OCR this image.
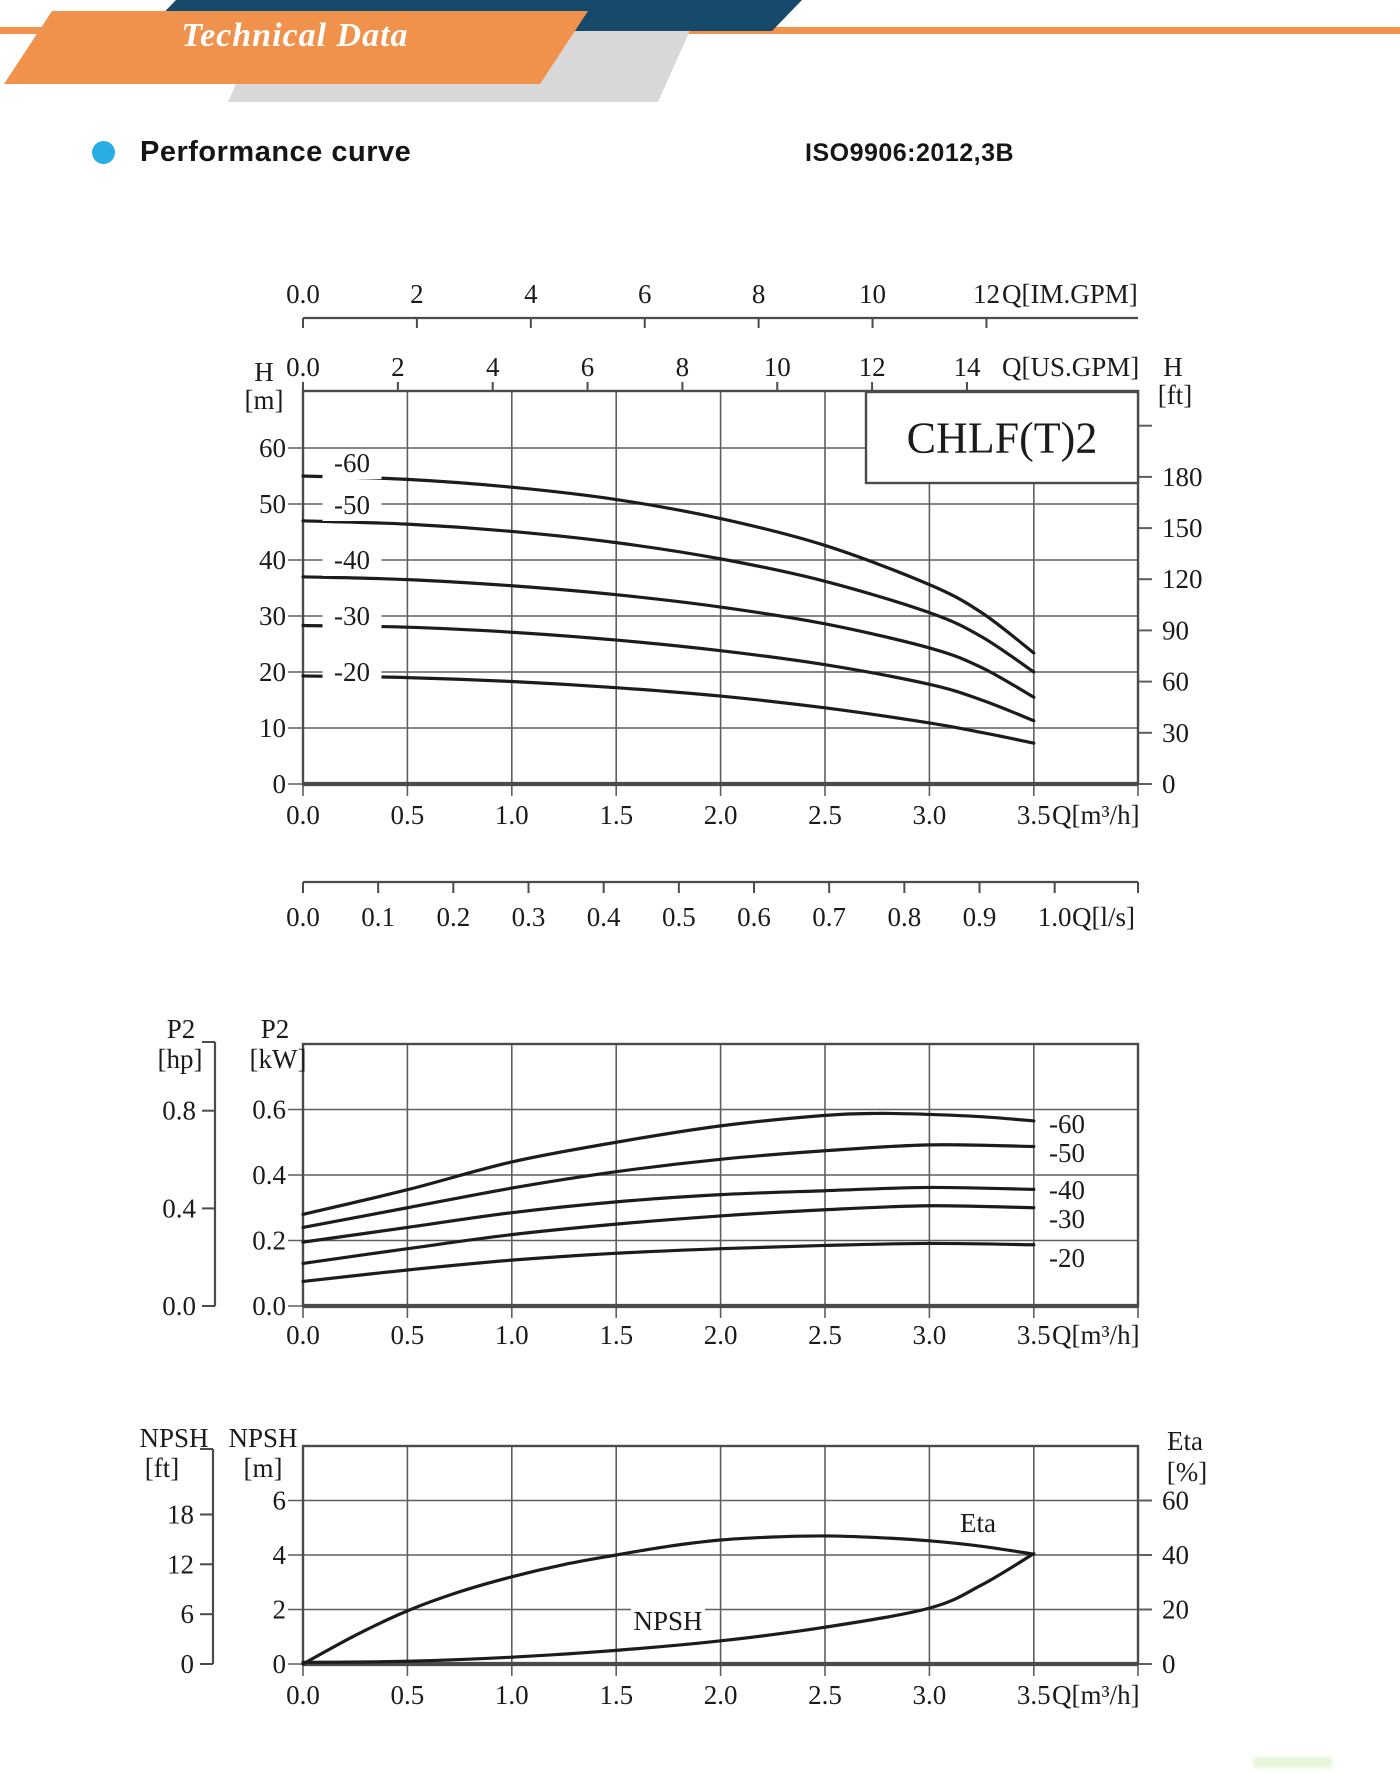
Technical Data
Performance curve	ISO9906:2012,3B
0
30
60
90
120
150
180
0.0	2	4	6	8	10	12 Q[IM.GPM]
0.0	2	4	6	8	10	12	14 Q[US.GPM]
0.0 0.1 0.2 0.3 0.4 0.5 0.6 0.7 0.8 0.9 1.0 Q[l/s]
0.0	0.5	1.0	1.5	2.0	2.5	3.0	3.5 Q[m³/h]
0
10
20
30
40
50
60 -60
-50
-40
-30
-20
CHLF(T)2
H
[m]
H
[ft]
0.0	0.5	1.0	1.5	2.0	2.5	3.0	3.5 Q[m³/h]
0.0
0.2
0.4
0.6
0.8
0.4
0.0
-60
-50
-40
-30
-20
P2
[hp]
P2
[kW]
0
20
40
60
0.0	0.5	1.0	1.5	2.0	2.5	3.0	3.5 Q[m³/h]
0
2
4
6
18
12
6
0
Eta
NPSH
NPSH
[ft]
NPSH
[m]
Eta
[%]
